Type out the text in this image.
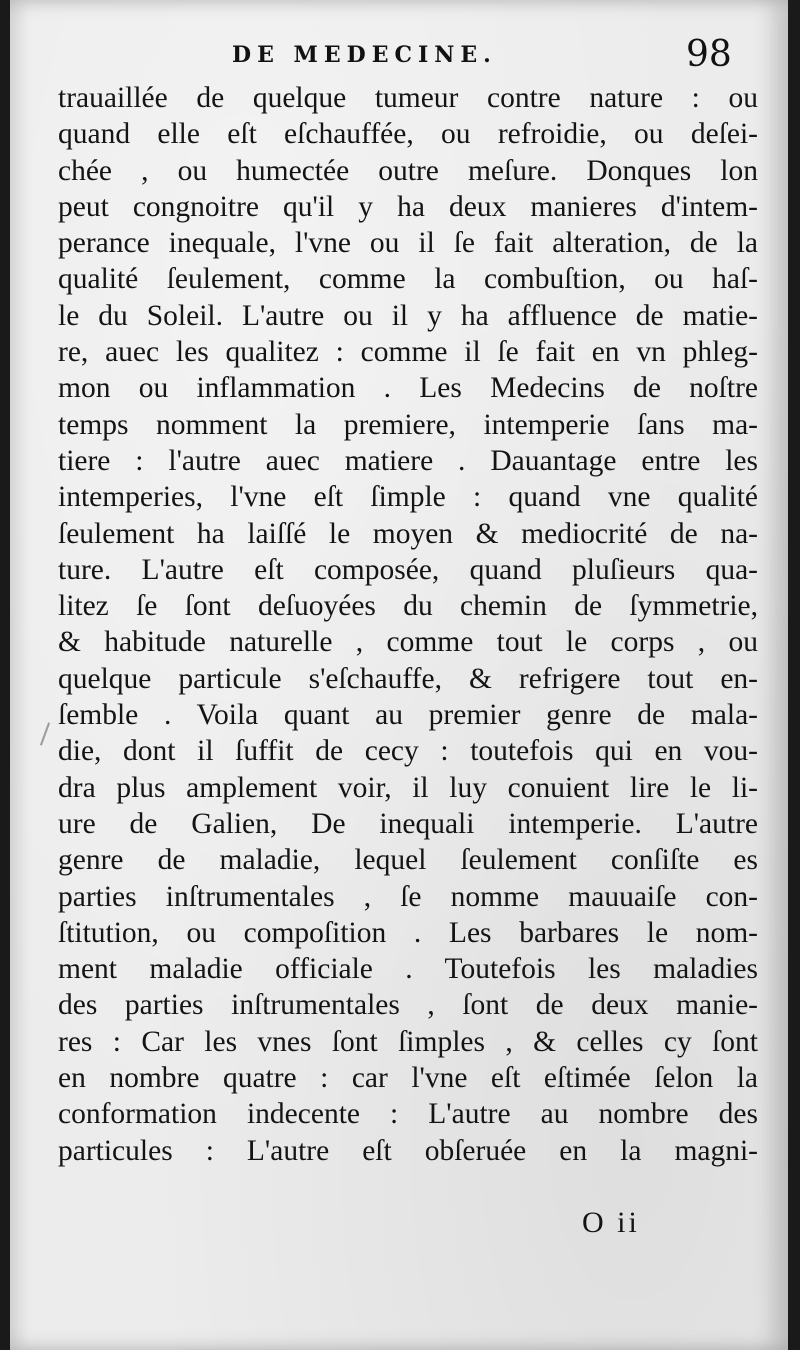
DE MEDECINE.	98
trauaillée de quelque tumeur contre nature : ou
quand elle eſt eſchauffée, ou refroidie, ou deſei-
chée , ou humectée outre meſure. Donques lon
peut congnoitre qu'il y ha deux manieres d'intem-
perance inequale, l'vne ou il ſe fait alteration, de la
qualité ſeulement, comme la combuſtion, ou haſ-
le du Soleil. L'autre ou il y ha affluence de matie-
re, auec les qualitez : comme il ſe fait en vn phleg-
mon ou inflammation . Les Medecins de noſtre
temps nomment la premiere, intemperie ſans ma-
tiere : l'autre auec matiere . Dauantage entre les
intemperies, l'vne eſt ſimple : quand vne qualité
ſeulement ha laiſſé le moyen & mediocrité de na-
ture. L'autre eſt composée, quand pluſieurs qua-
litez ſe ſont deſuoyées du chemin de ſymmetrie,
& habitude naturelle , comme tout le corps , ou
quelque particule s'eſchauffe, & refrigere tout en-
ſemble . Voila quant au premier genre de mala-
die, dont il ſuffit de cecy : toutefois qui en vou-
dra plus amplement voir, il luy conuient lire le li-
ure de Galien, De inequali intemperie. L'autre
genre de maladie, lequel ſeulement conſiſte es
parties inſtrumentales , ſe nomme mauuaiſe con-
ſtitution, ou compoſition . Les barbares le nom-
ment maladie officiale . Toutefois les maladies
des parties inſtrumentales , ſont de deux manie-
res : Car les vnes ſont ſimples , & celles cy ſont
en nombre quatre : car l'vne eſt eſtimée ſelon la
conformation indecente : L'autre au nombre des
particules : L'autre eſt obſeruée en la magni-
O ii
